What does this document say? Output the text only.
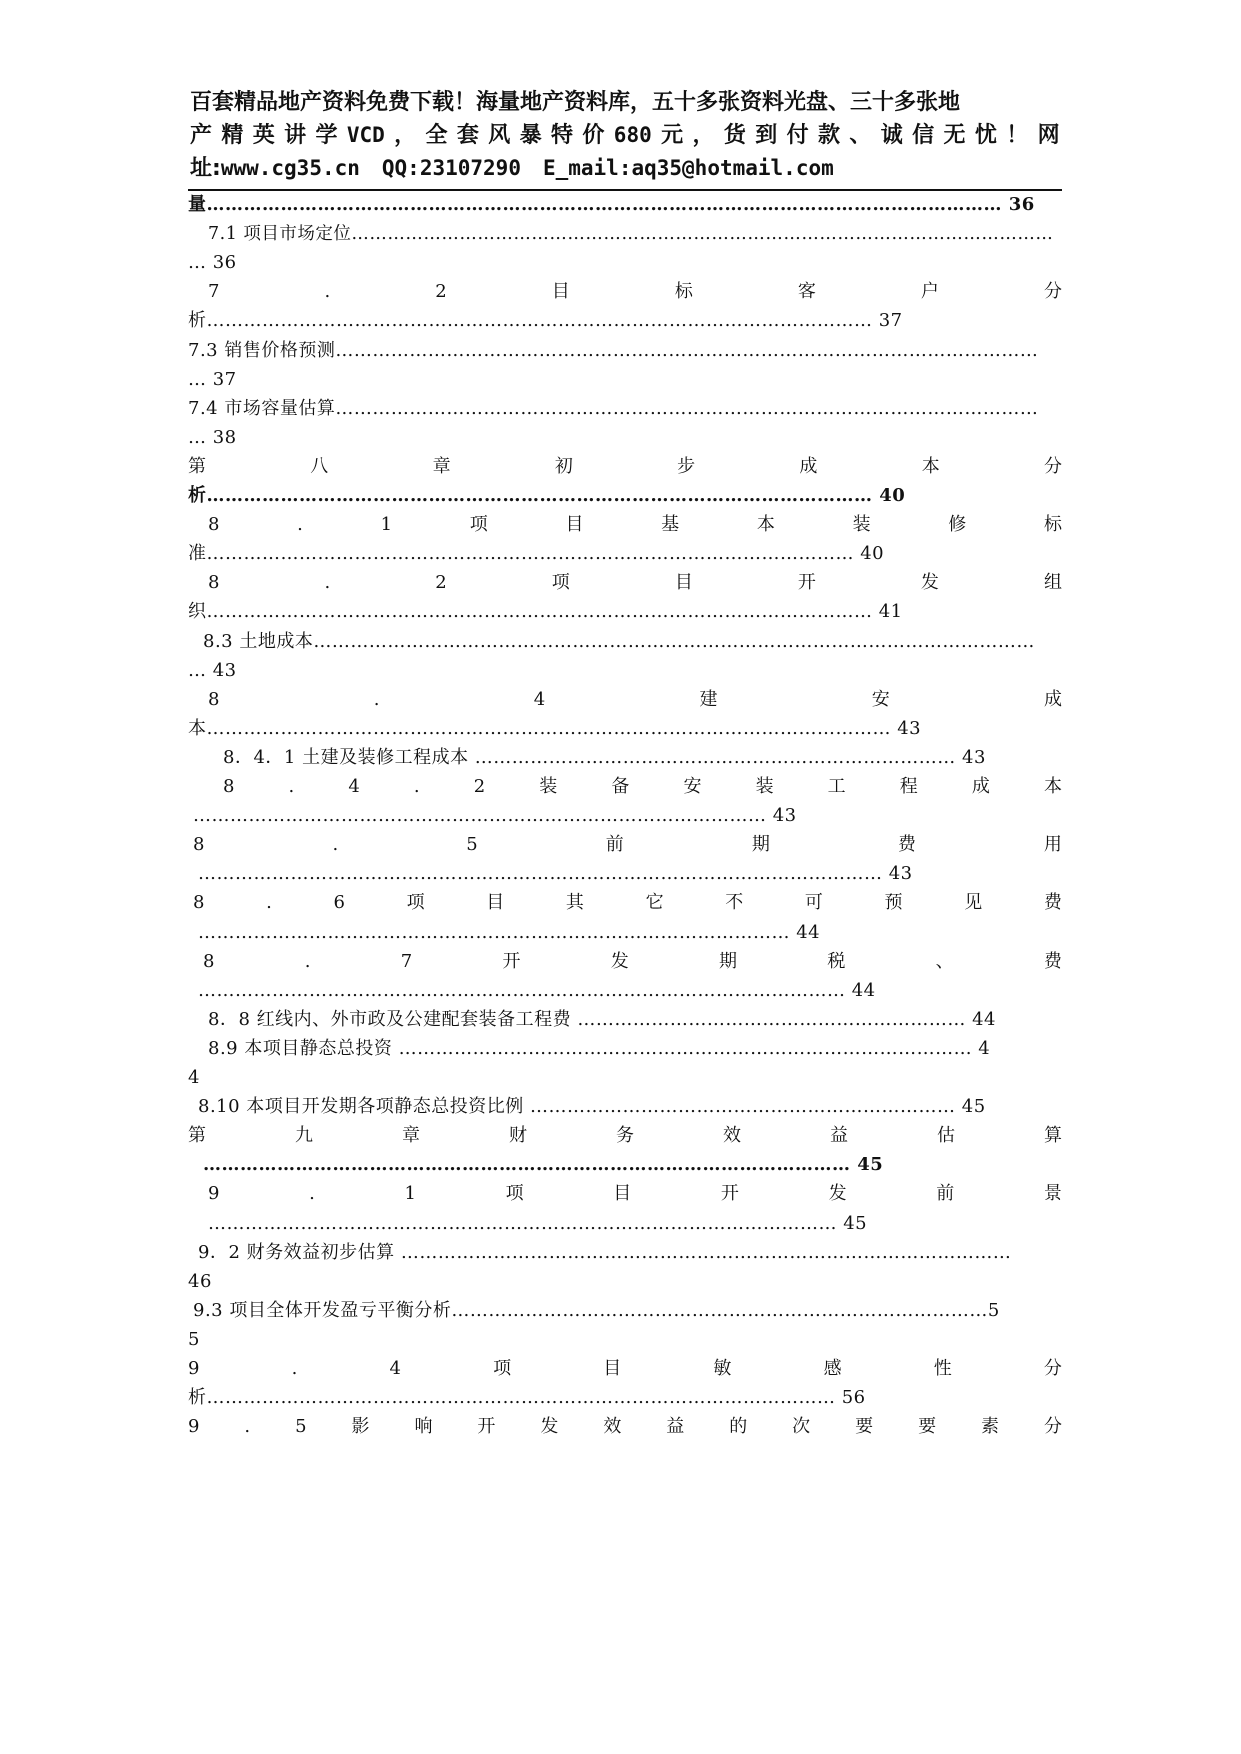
百套精品地产资料免费下载！海量地产资料库，五十多张资料光盘、三十多张地
产 精 英 讲 学 VCD ， 全 套 风 暴 特 价 680 元 ， 货 到 付 款 、 诚 信 无 忧 ！ 网
址: www.cg35.cn QQ:23107290 E_mail:aq35@hotmail.com
量………………………………………………………………………………………………………………… 36
7.1 项目市场定位………………………………………………………………………………………………………
… 36
7	.	2	目	标	客	户	分
析……………………………………………………………………………………………… 37
7.3 销售价格预测……………………………………………………………………………………………………
… 37
7.4 市场容量估算……………………………………………………………………………………………………
… 38
第	八	章	初	步	成	本	分
析……………………………………………………………………………………………… 40
8	.	1	项	目	基	本	装	修	标
准…………………………………………………………………………………………… 40
8	.	2	项	目	开	发	组
织……………………………………………………………………………………………… 41
8.3 土地成本………………………………………………………………………………………………………
… 43
8	.	4	建	安	成
本………………………………………………………………………………………………… 43
8．4．1 土建及装修工程成本 …………………………………………………………………… 43
8	.	4	.	2	装	备	安	装	工	程	成	本
………………………………………………………………………………… 43
8	.	5	前	期	费	用
………………………………………………………………………………………………… 43
8	.	6	项	目	其	它	不	可	预	见	费
…………………………………………………………………………………… 44
8	.	7	开	发	期	税	、	费
…………………………………………………………………………………………… 44
8．8 红线内、外市政及公建配套装备工程费 ……………………………………………………… 44
8.9 本项目静态总投资 ………………………………………………………………………………… 4
4
8.10 本项目开发期各项静态总投资比例 …………………………………………………………… 45
第	九	章	财	务	效	益	估	算
…………………………………………………………………………………………… 45
9	.	1	项	目	开	发	前	景
………………………………………………………………………………………… 45
9．2 财务效益初步估算 ………………………………………………………………………………………
46
9.3 项目全体开发盈亏平衡分析……………………………………………………………………………5
5
9	.	4	项	目	敏	感	性	分
析………………………………………………………………………………………… 56
9 . 5 影 响 开 发 效 益 的 次 要 要 素 分
